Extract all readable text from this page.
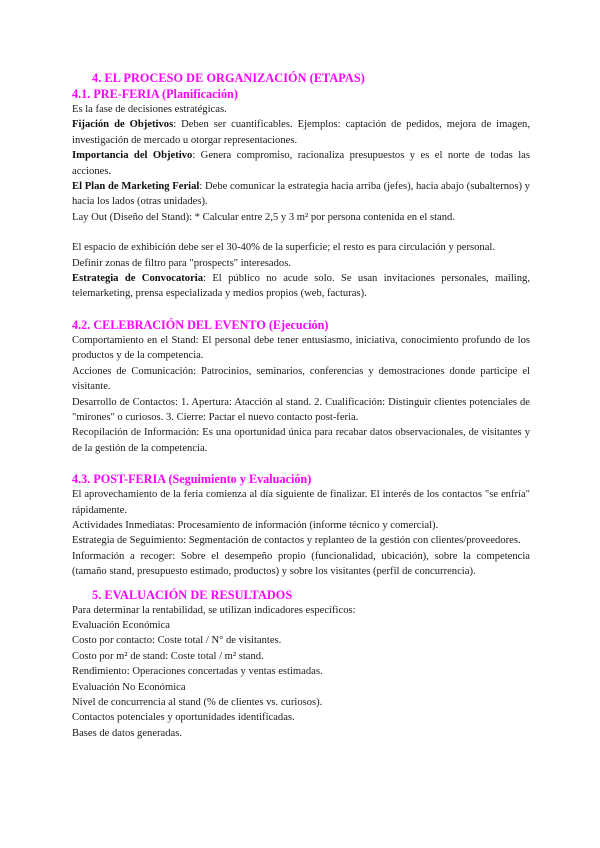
4. EL PROCESO DE ORGANIZACIÓN (ETAPAS)
4.1. PRE-FERIA (Planificación)

Es la fase de decisiones estratégicas.

Fijación de Objetivos: Deben ser cuantificables. Ejemplos: captación de pedidos, mejora de imagen, investigación de mercado u otorgar representaciones.

Importancia del Objetivo: Genera compromiso, racionaliza presupuestos y es el norte de todas las acciones.

El Plan de Marketing Ferial: Debe comunicar la estrategia hacia arriba (jefes), hacia abajo (subalternos) y hacia los lados (otras unidades).

Lay Out (Diseño del Stand): * Calcular entre 2,5 y 3 m² por persona contenida en el stand.

El espacio de exhibición debe ser el 30-40% de la superficie; el resto es para circulación y personal.

Definir zonas de filtro para "prospects" interesados.

Estrategia de Convocatoria: El público no acude solo. Se usan invitaciones personales, mailing, telemarketing, prensa especializada y medios propios (web, facturas).

4.2. CELEBRACIÓN DEL EVENTO (Ejecución)

Comportamiento en el Stand: El personal debe tener entusiasmo, iniciativa, conocimiento profundo de los productos y de la competencia.

Acciones de Comunicación: Patrocinios, seminarios, conferencias y demostraciones donde participe el visitante.

Desarrollo de Contactos: 1. Apertura: Atacción al stand. 2. Cualificación: Distinguir clientes potenciales de "mirones" o curiosos. 3. Cierre: Pactar el nuevo contacto post-feria.

Recopilación de Información: Es una oportunidad única para recabar datos observacionales, de visitantes y de la gestión de la competencia.

4.3. POST-FERIA (Seguimiento y Evaluación)

El aprovechamiento de la feria comienza al día siguiente de finalizar. El interés de los contactos "se enfría" rápidamente.

Actividades Inmediatas: Procesamiento de información (informe técnico y comercial).

Estrategia de Seguimiento: Segmentación de contactos y replanteo de la gestión con clientes/proveedores.

Información a recoger: Sobre el desempeño propio (funcionalidad, ubicación), sobre la competencia (tamaño stand, presupuesto estimado, productos) y sobre los visitantes (perfil de concurrencia).

5. EVALUACIÓN DE RESULTADOS

Para determinar la rentabilidad, se utilizan indicadores específicos:

Evaluación Económica

Costo por contacto: Coste total / N° de visitantes.

Costo por m² de stand: Coste total / m² stand.

Rendimiento: Operaciones concertadas y ventas estimadas.

Evaluación No Económica

Nivel de concurrencia al stand (% de clientes vs. curiosos).

Contactos potenciales y oportunidades identificadas.

Bases de datos generadas.
